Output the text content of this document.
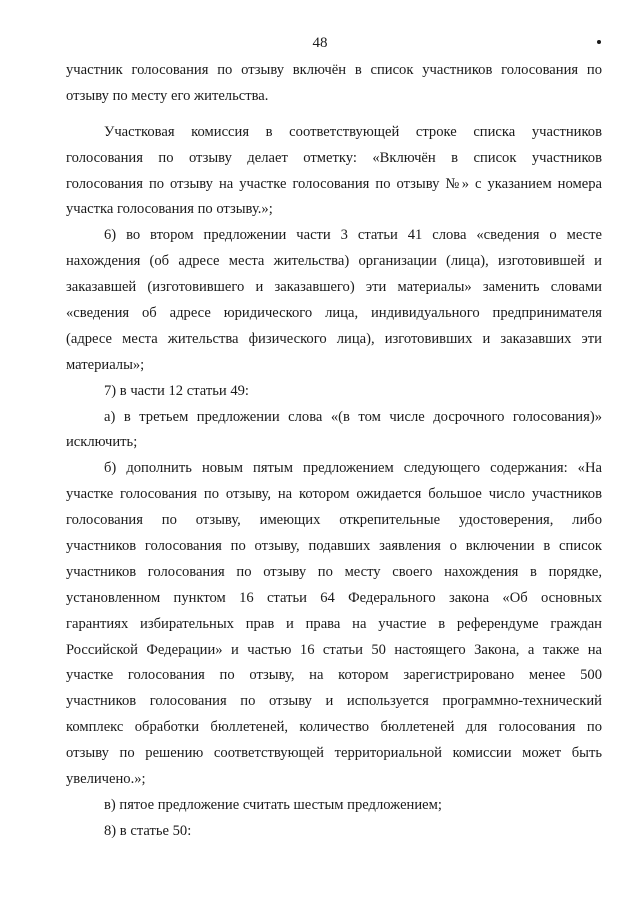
48
участник голосования по отзыву включён в список участников голосования по
отзыву по месту его жительства.
Участковая комиссия в соответствующей строке списка участников
голосования по отзыву делает отметку: «Включён в список участников
голосования по отзыву на участке голосования по отзыву №» с указанием номера
участка голосования по отзыву.»;
6) во втором предложении части 3 статьи 41 слова «сведения о месте
нахождения (об адресе места жительства) организации (лица), изготовившей и
заказавшей (изготовившего и заказавшего) эти материалы» заменить словами
«сведения об адресе юридического лица, индивидуального предпринимателя
(адресе места жительства физического лица), изготовивших и заказавших эти
материалы»;
7) в части 12 статьи 49:
а) в третьем предложении слова «(в том числе досрочного голосования)»
исключить;
б) дополнить новым пятым предложением следующего содержания: «На
участке голосования по отзыву, на котором ожидается большое число участников
голосования по отзыву, имеющих открепительные удостоверения, либо
участников голосования по отзыву, подавших заявления о включении в список
участников голосования по отзыву по месту своего нахождения в порядке,
установленном пунктом 16 статьи 64 Федерального закона «Об основных
гарантиях избирательных прав и права на участие в референдуме граждан
Российской Федерации» и частью 16 статьи 50 настоящего Закона, а также на
участке голосования по отзыву, на котором зарегистрировано менее 500
участников голосования по отзыву и используется программно-технический
комплекс обработки бюллетеней, количество бюллетеней для голосования по
отзыву по решению соответствующей территориальной комиссии может быть
увеличено.»;
в) пятое предложение считать шестым предложением;
8) в статье 50:
